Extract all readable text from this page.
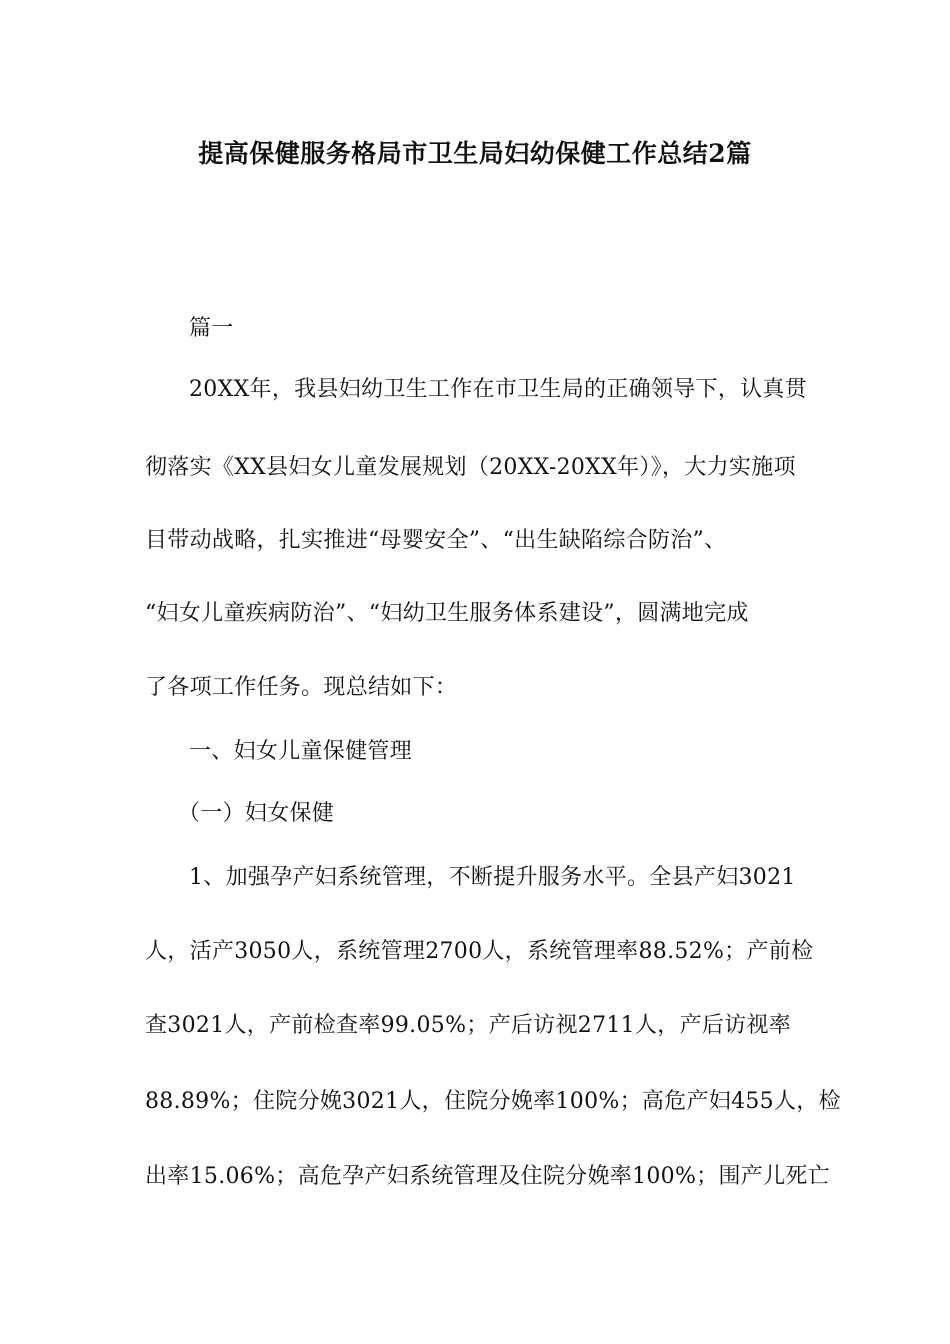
提高保健服务格局市卫生局妇幼保健工作总结2篇
篇一
20XX年，我县妇幼卫生工作在市卫生局的正确领导下，认真贯
彻落实《XX县妇女儿童发展规划（20XX-20XX年）》，大力实施项
目带动战略，扎实推进“母婴安全”、“出生缺陷综合防治”、
“妇女儿童疾病防治”、“妇幼卫生服务体系建设”，圆满地完成
了各项工作任务。现总结如下：
一、妇女儿童保健管理
（一）妇女保健
1、加强孕产妇系统管理，不断提升服务水平。全县产妇3021
人，活产3050人，系统管理2700人，系统管理率88.52%；产前检
查3021人，产前检查率99.05%；产后访视2711人，产后访视率
88.89%；住院分娩3021人，住院分娩率100%；高危产妇455人，检
出率15.06%；高危孕产妇系统管理及住院分娩率100%；围产儿死亡
